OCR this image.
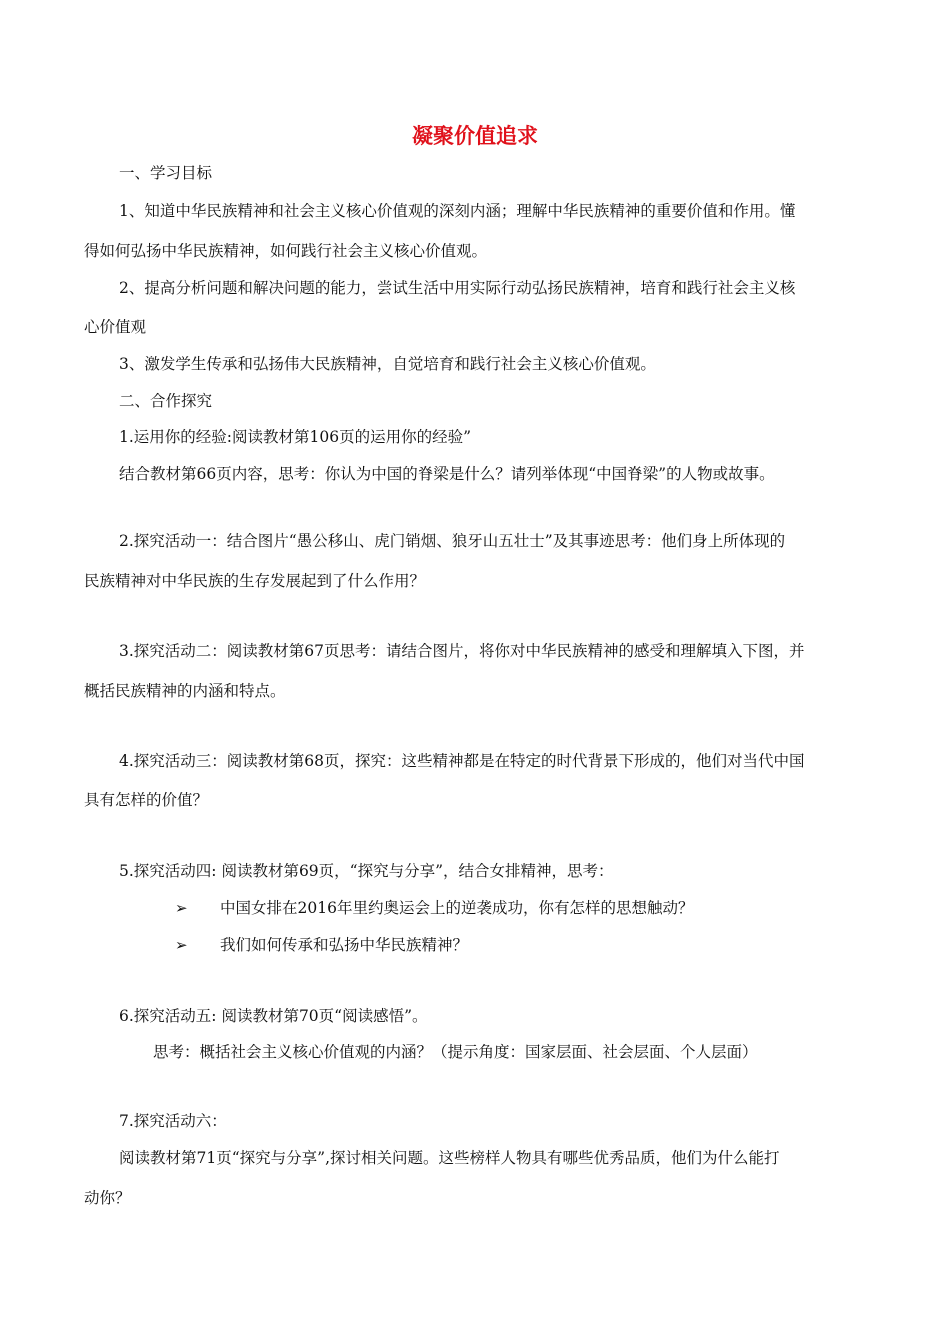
凝聚价值追求
一、学习目标
1、知道中华民族精神和社会主义核心价值观的深刻内涵；理解中华民族精神的重要价值和作用。懂
得如何弘扬中华民族精神，如何践行社会主义核心价值观。
2、提高分析问题和解决问题的能力，尝试生活中用实际行动弘扬民族精神，培育和践行社会主义核
心价值观
3、激发学生传承和弘扬伟大民族精神，自觉培育和践行社会主义核心价值观。
二、合作探究
1.运用你的经验:阅读教材第106页的运用你的经验”
结合教材第66页内容，思考：你认为中国的脊梁是什么？请列举体现“中国脊梁”的人物或故事。
2.探究活动一：结合图片“愚公移山、虎门销烟、狼牙山五壮士”及其事迹思考：他们身上所体现的
民族精神对中华民族的生存发展起到了什么作用？
3.探究活动二：阅读教材第67页思考：请结合图片，将你对中华民族精神的感受和理解填入下图，并
概括民族精神的内涵和特点。
4.探究活动三：阅读教材第68页，探究：这些精神都是在特定的时代背景下形成的，他们对当代中国
具有怎样的价值？
5.探究活动四: 阅读教材第69页，“探究与分享”，结合女排精神，思考：
➢ 中国女排在2016年里约奥运会上的逆袭成功，你有怎样的思想触动？
➢ 我们如何传承和弘扬中华民族精神？
6.探究活动五: 阅读教材第70页“阅读感悟”。
思考：概括社会主义核心价值观的内涵？（提示角度：国家层面、社会层面、个人层面）
7.探究活动六：
阅读教材第71页“探究与分享”,探讨相关问题。这些榜样人物具有哪些优秀品质，他们为什么能打
动你？
